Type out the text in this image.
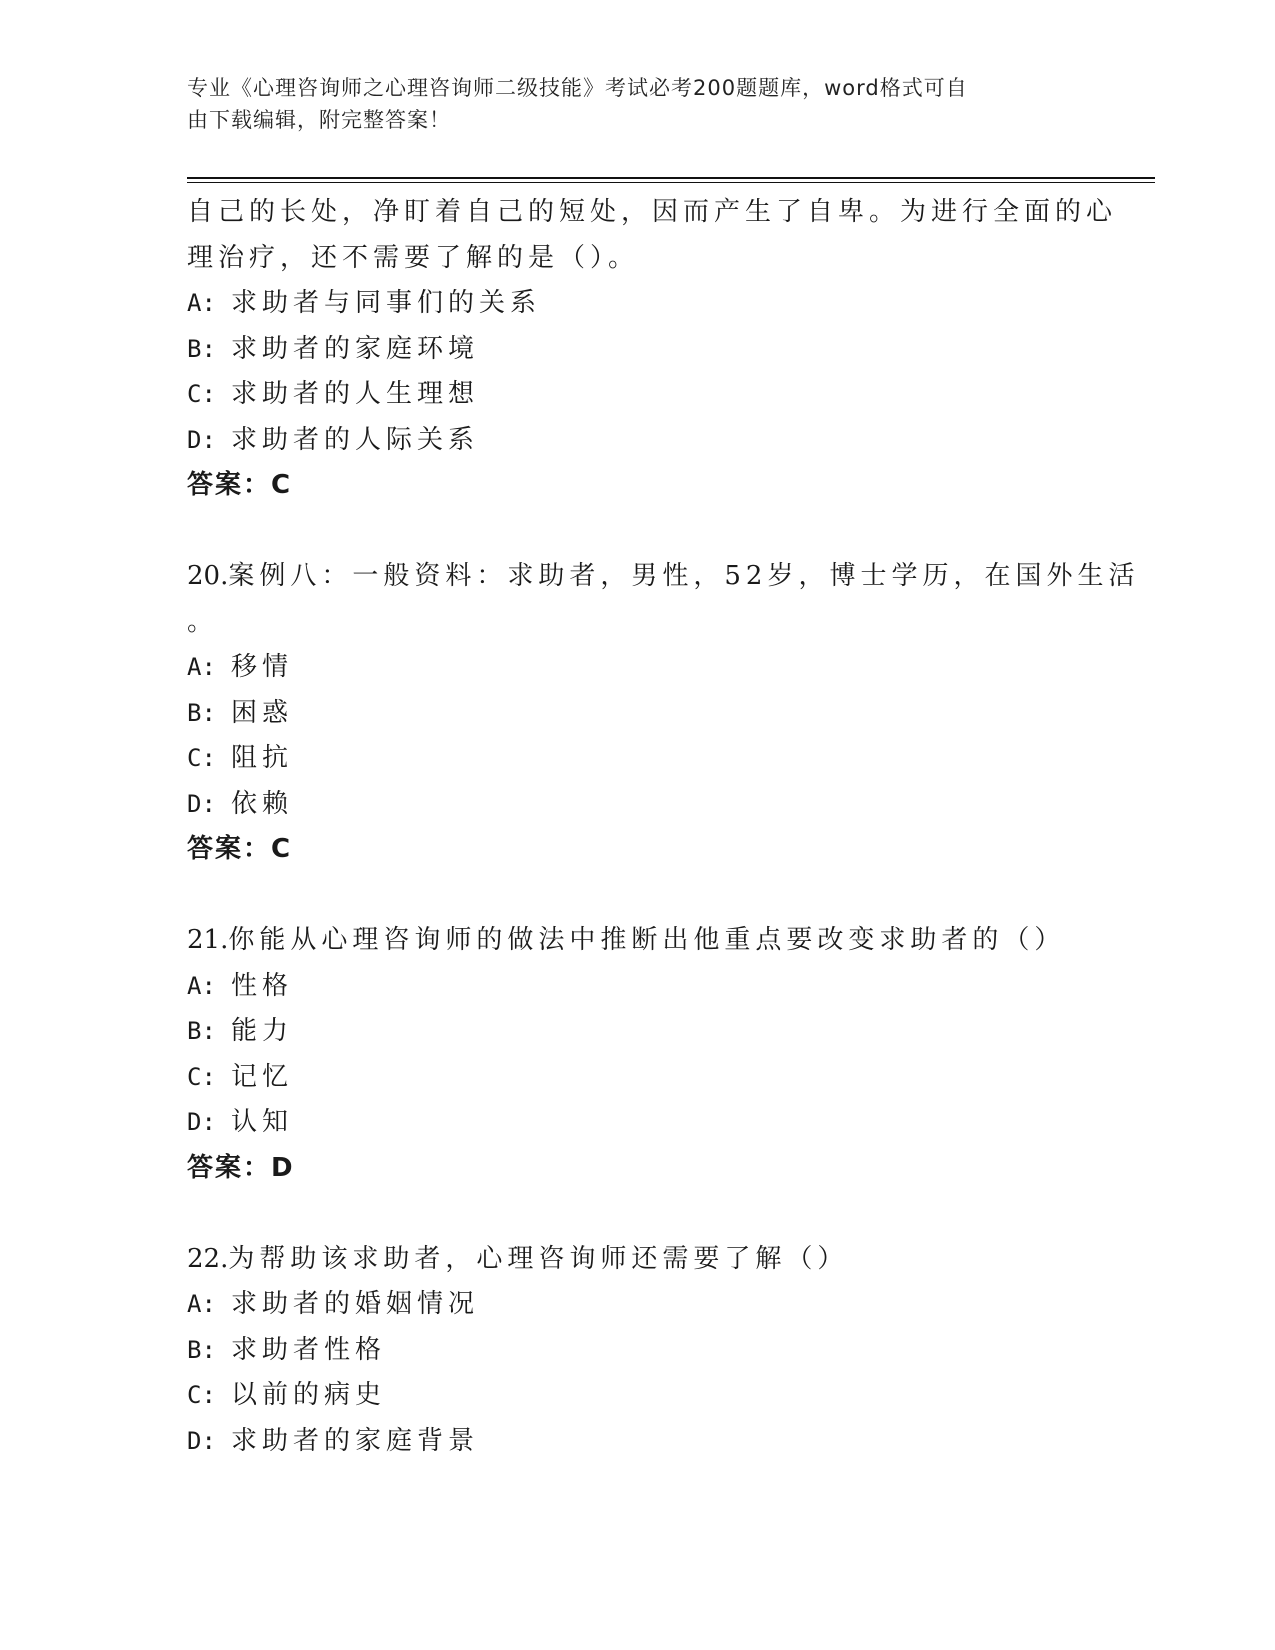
专业《心理咨询师之心理咨询师二级技能》考试必考200题题库，word格式可自
由下载编辑，附完整答案！
自己的长处，净盯着自己的短处，因而产生了自卑。为进行全面的心
理治疗，还不需要了解的是（）。
A: 求助者与同事们的关系
B: 求助者的家庭环境
C: 求助者的人生理想
D: 求助者的人际关系
答案：C
20.案例八：一般资料：求助者，男性，52岁，博士学历，在国外生活
。
A: 移情
B: 困惑
C: 阻抗
D: 依赖
答案：C
21.你能从心理咨询师的做法中推断出他重点要改变求助者的（）
A: 性格
B: 能力
C: 记忆
D: 认知
答案：D
22.为帮助该求助者，心理咨询师还需要了解（）
A: 求助者的婚姻情况
B: 求助者性格
C: 以前的病史
D: 求助者的家庭背景
